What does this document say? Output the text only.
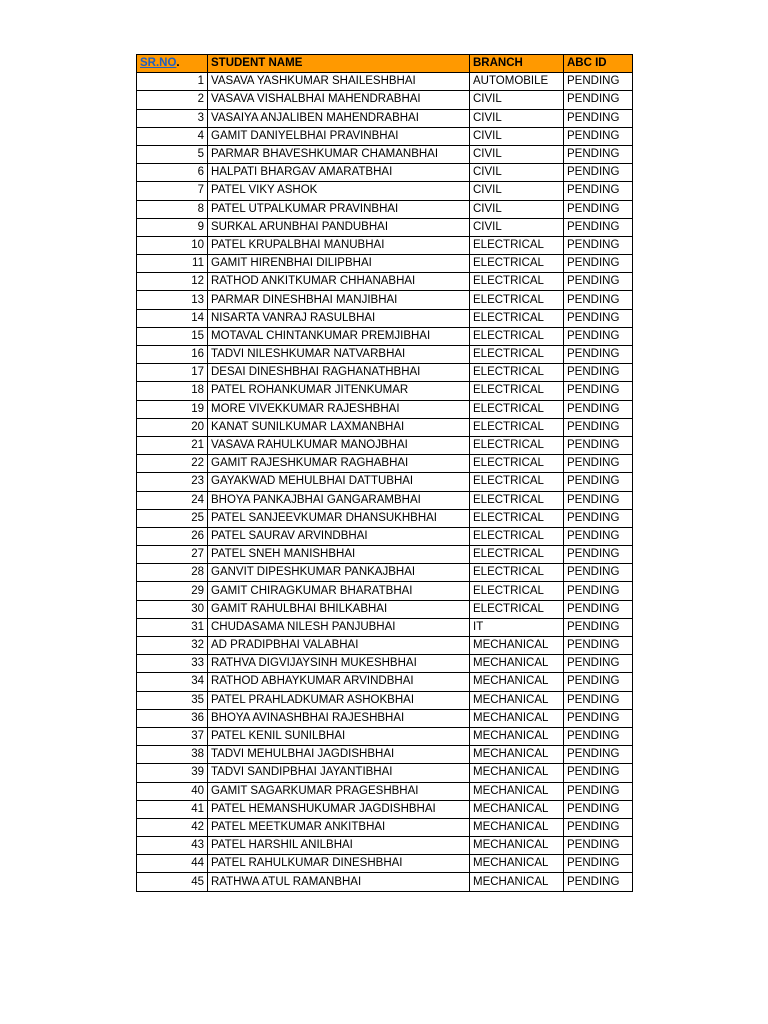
SR.NO.	STUDENT NAME	BRANCH	ABC ID
1	VASAVA YASHKUMAR SHAILESHBHAI	AUTOMOBILE	PENDING
2	VASAVA VISHALBHAI MAHENDRABHAI	CIVIL	PENDING
3	VASAIYA ANJALIBEN MAHENDRABHAI	CIVIL	PENDING
4	GAMIT DANIYELBHAI PRAVINBHAI	CIVIL	PENDING
5	PARMAR BHAVESHKUMAR CHAMANBHAI	CIVIL	PENDING
6	HALPATI BHARGAV AMARATBHAI	CIVIL	PENDING
7	PATEL VIKY ASHOK	CIVIL	PENDING
8	PATEL UTPALKUMAR PRAVINBHAI	CIVIL	PENDING
9	SURKAL ARUNBHAI PANDUBHAI	CIVIL	PENDING
10	PATEL KRUPALBHAI MANUBHAI	ELECTRICAL	PENDING
11	GAMIT HIRENBHAI DILIPBHAI	ELECTRICAL	PENDING
12	RATHOD ANKITKUMAR CHHANABHAI	ELECTRICAL	PENDING
13	PARMAR DINESHBHAI MANJIBHAI	ELECTRICAL	PENDING
14	NISARTA VANRAJ RASULBHAI	ELECTRICAL	PENDING
15	MOTAVAL CHINTANKUMAR PREMJIBHAI	ELECTRICAL	PENDING
16	TADVI NILESHKUMAR NATVARBHAI	ELECTRICAL	PENDING
17	DESAI DINESHBHAI RAGHANATHBHAI	ELECTRICAL	PENDING
18	PATEL ROHANKUMAR JITENKUMAR	ELECTRICAL	PENDING
19	MORE VIVEKKUMAR RAJESHBHAI	ELECTRICAL	PENDING
20	KANAT SUNILKUMAR LAXMANBHAI	ELECTRICAL	PENDING
21	VASAVA RAHULKUMAR MANOJBHAI	ELECTRICAL	PENDING
22	GAMIT RAJESHKUMAR RAGHABHAI	ELECTRICAL	PENDING
23	GAYAKWAD MEHULBHAI DATTUBHAI	ELECTRICAL	PENDING
24	BHOYA PANKAJBHAI GANGARAMBHAI	ELECTRICAL	PENDING
25	PATEL SANJEEVKUMAR DHANSUKHBHAI	ELECTRICAL	PENDING
26	PATEL SAURAV ARVINDBHAI	ELECTRICAL	PENDING
27	PATEL SNEH MANISHBHAI	ELECTRICAL	PENDING
28	GANVIT DIPESHKUMAR PANKAJBHAI	ELECTRICAL	PENDING
29	GAMIT CHIRAGKUMAR BHARATBHAI	ELECTRICAL	PENDING
30	GAMIT RAHULBHAI BHILKABHAI	ELECTRICAL	PENDING
31	CHUDASAMA NILESH PANJUBHAI	IT	PENDING
32	AD PRADIPBHAI VALABHAI	MECHANICAL	PENDING
33	RATHVA DIGVIJAYSINH MUKESHBHAI	MECHANICAL	PENDING
34	RATHOD ABHAYKUMAR ARVINDBHAI	MECHANICAL	PENDING
35	PATEL PRAHLADKUMAR ASHOKBHAI	MECHANICAL	PENDING
36	BHOYA AVINASHBHAI RAJESHBHAI	MECHANICAL	PENDING
37	PATEL KENIL SUNILBHAI	MECHANICAL	PENDING
38	TADVI MEHULBHAI JAGDISHBHAI	MECHANICAL	PENDING
39	TADVI SANDIPBHAI JAYANTIBHAI	MECHANICAL	PENDING
40	GAMIT SAGARKUMAR PRAGESHBHAI	MECHANICAL	PENDING
41	PATEL HEMANSHUKUMAR JAGDISHBHAI	MECHANICAL	PENDING
42	PATEL MEETKUMAR ANKITBHAI	MECHANICAL	PENDING
43	PATEL HARSHIL ANILBHAI	MECHANICAL	PENDING
44	PATEL RAHULKUMAR DINESHBHAI	MECHANICAL	PENDING
45	RATHWA ATUL RAMANBHAI	MECHANICAL	PENDING
